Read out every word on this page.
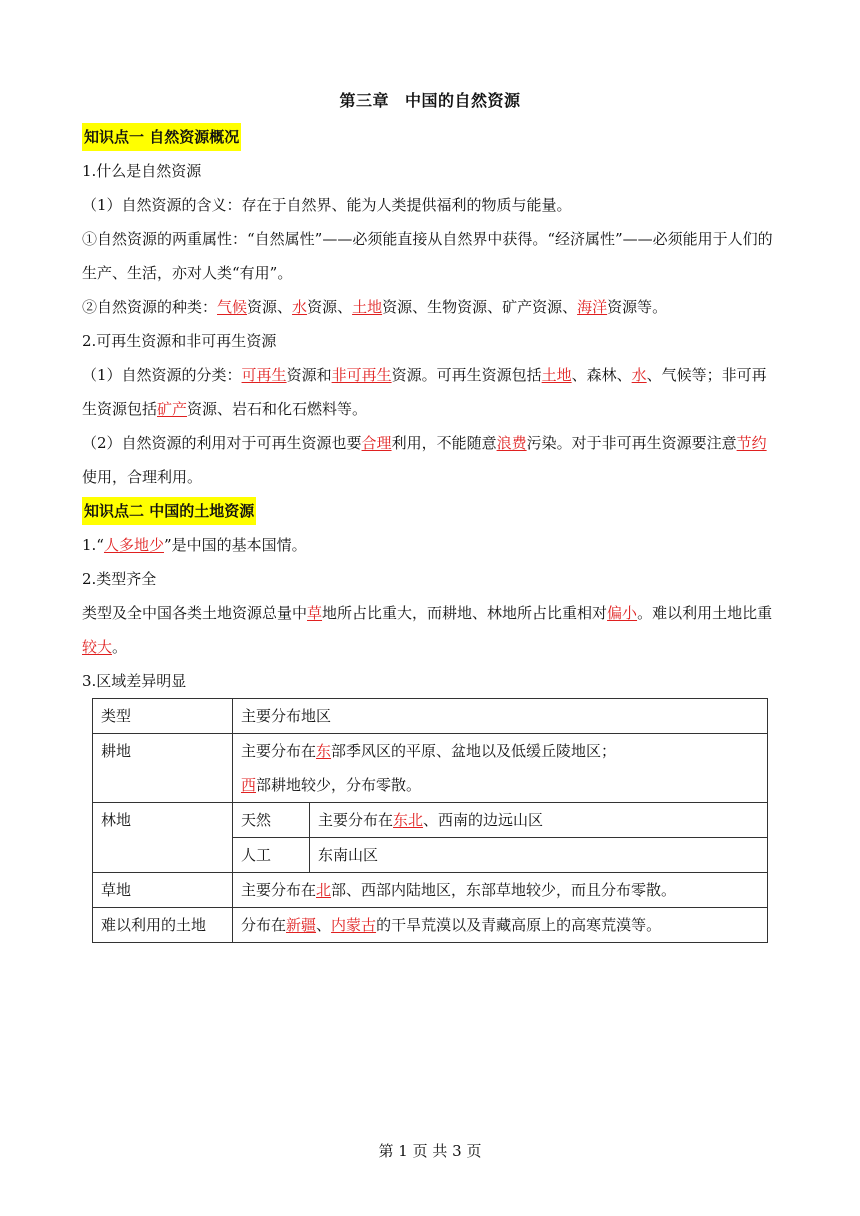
第三章 中国的自然资源
知识点一 自然资源概况

1.什么是自然资源

（1）自然资源的含义：存在于自然界、能为人类提供福利的物质与能量。

①自然资源的两重属性：“自然属性”——必须能直接从自然界中获得。“经济属性”——必须能用于人们的生产、生活，亦对人类“有用”。

②自然资源的种类：气候资源、水资源、土地资源、生物资源、矿产资源、海洋资源等。

2.可再生资源和非可再生资源

（1）自然资源的分类：可再生资源和非可再生资源。可再生资源包括土地、森林、水、气候等；非可再生资源包括矿产资源、岩石和化石燃料等。

（2）自然资源的利用对于可再生资源也要合理利用，不能随意浪费污染。对于非可再生资源要注意节约使用，合理利用。

知识点二 中国的土地资源

1.“人多地少”是中国的基本国情。

2.类型齐全

类型及全中国各类土地资源总量中草地所占比重大，而耕地、林地所占比重相对偏小。难以利用土地比重较大。

3.区域差异明显

类型	主要分布地区	
耕地	主要分布在东部季风区的平原、盆地以及低缓丘陵地区；
西部耕地较少，分布零散。	
林地	天然	主要分布在东北、西南的边远山区
	人工	东南山区
草地	主要分布在北部、西部内陆地区，东部草地较少，而且分布零散。	
难以利用的土地	分布在新疆、内蒙古的干旱荒漠以及青藏高原上的高寒荒漠等。	
第 1 页 共 3 页
